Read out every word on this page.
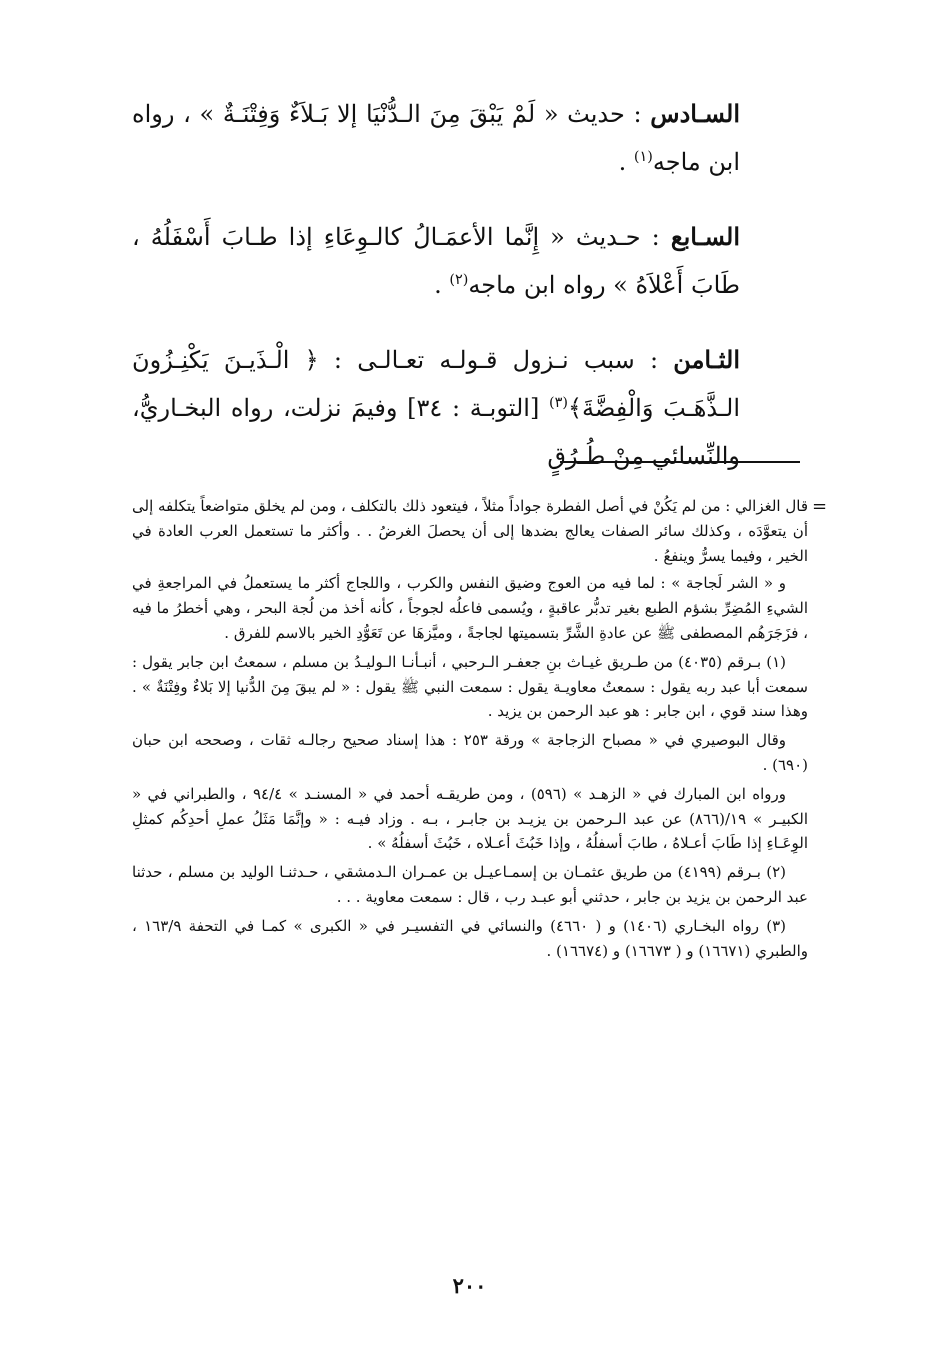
السـادس : حديث « لَمْ يَبْقَ مِنَ الـدُّنْيَا إلا بَـلاَءٌ وَفِتْنَـةٌ » ، رواه ابن ماجه$^{(١)}$ .

السـابع : حـديث « إِنَّما الأعمَـالُ كالـوِعَاءِ إذا طـابَ أَسْفَلُهُ ، طَابَ أَعْلاَهُ » رواه ابن ماجه$^{(٢)}$ .

الثـامن : سبب نـزول قـولـه تعـالـى : ﴿ الْـذَيـنَ يَكْنِـزُونَ الـذَّهَـبَ وَالْفِضَّةَ﴾$^{(٣)}$ [التوبـة : ٣٤] وفيمَ نزلت، رواه البخـاريُّ، والنِّسائي مِنْ طُـرُقٍ

=

قال الغزالي : من لم يَكُنْ في أصل الفطرة جواداً مثلاً ، فيتعود ذلك بالتكلف ، ومن لم يخلق متواضعاً يتكلفه إلى أن يتعوَّدَه ، وكذلك سائر الصفات يعالج بضدها إلى أن يحصلَ الغرضُ . . وأكثر ما تستعمل العرب العادة في الخير ، وفيما يسرُّ وينفعُ .

و « الشر لَجاجة » : لما فيه من العوج وضيق النفس والكرب ، واللجاج أكثر ما يستعملُ في المراجعةِ في الشيءِ المُضِرِّ بشؤم الطبع بغير تدبُّر عاقبةٍ ، ويُسمى فاعلُه لجوجاً ، كأنه أخذ من لُجة البحر ، وهي أخطرُ ما فيه ، فزَجَرَهُم المصطفى ﷺ عن عادةِ الشَّرِّ بتسميتها لجاجةً ، وميَّزهَا عن تَعَوُّدِ الخير بالاسم للفرق .

(١) بـرقم (٤٠٣٥) من طـريق غيـاث بنِ جعفـر الـرحبي ، أنبـأنـا الـوليـدُ بن مسلم ، سمعتُ ابن جابر يقول : سمعت أبا عبد ربه يقول : سمعتُ معاويـة يقول : سمعت النبي ﷺ يقول : « لم يبقَ مِنَ الدُّنيا إلا بَلاءٌ وفِتْنَةٌ » . وهذا سند قوي ، ابن جابر : هو عبد الرحمن بن يزيد .

وقال البوصيري في « مصباح الزجاجة » ورقة ٢٥٣ : هذا إسناد صحيح رجالـه ثقات ، وصححه ابن حبان (٦٩٠) .

ورواه ابن المبارك في « الزهـد » (٥٩٦) ، ومن طريقـه أحمد في « المسنـد » ٩٤/٤ ، والطبراني في « الكبيـر » ١٩/(٨٦٦) عن عبد الـرحمن بن يزيـد بن جابـر ، بـه . وزاد فيـه : « وإنَّمَا مَثَلُ عملِ أحدِكُم كمثلِ الوِعَـاءِ إذا طَابَ أعـلاهُ ، طابَ أسفلُهُ ، وإذا خَبُثَ أعـلاه ، خَبُثَ أسفلُهُ » .

(٢) بـرقم (٤١٩٩) من طريق عثمـان بن إسمـاعيـل بن عمـران الـدمشقي ، حـدثنـا الوليد بن مسلم ، حدثنا عبد الرحمن بن يزيد بن جابر ، حدثني أبو عبـد رب ، قال : سمعت معاوية . . .

(٣) رواه البخـاري (١٤٠٦) و ( ٤٦٦٠) والنسائي في التفسيـر في « الكبرى » كمـا في التحفة ١٦٣/٩ ، والطبري (١٦٦٧١) و ( ١٦٦٧٣) و (١٦٦٧٤) .

٢٠٠
